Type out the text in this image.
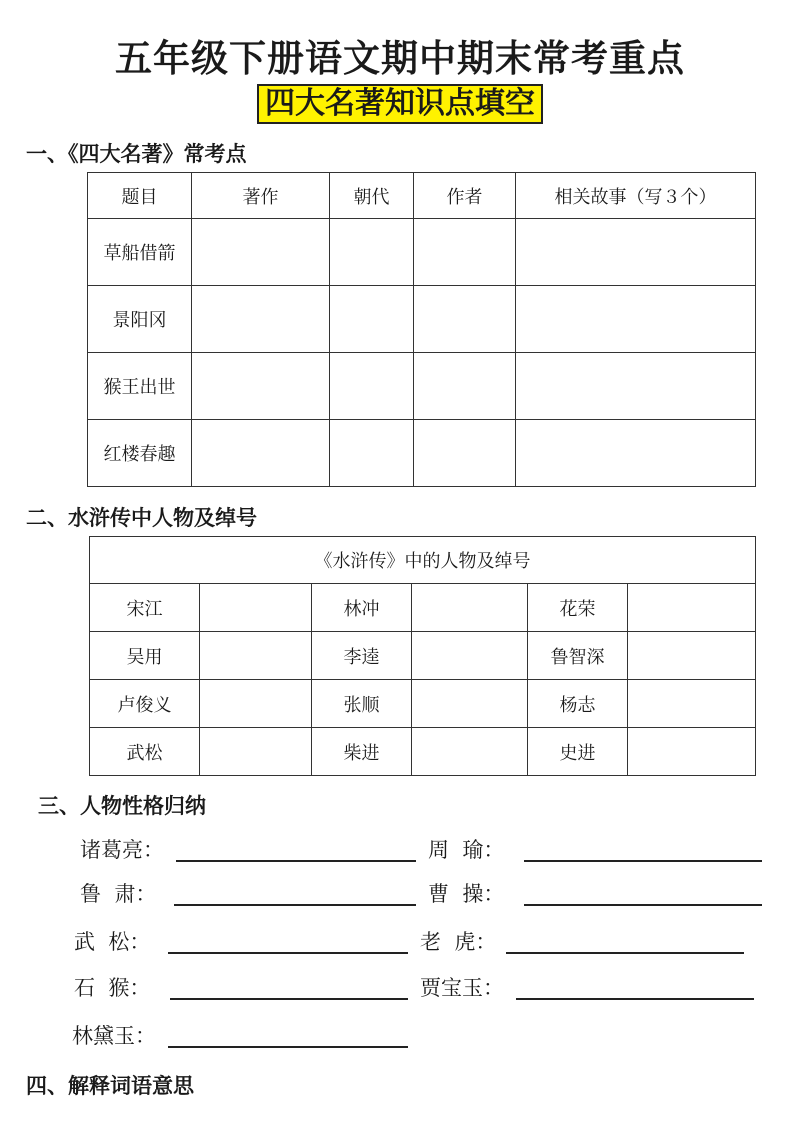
五年级下册语文期中期末常考重点
四大名著知识点填空
一、《四大名著》常考点
题目	著作	朝代	作者	相关故事（写３个）
草船借箭				
景阳冈				
猴王出世				
红楼春趣				
二、水浒传中人物及绰号
《水浒传》中的人物及绰号					
宋江		林冲		花荣	
吴用		李逵		鲁智深	
卢俊义		张顺		杨志	
武松		柴进		史进	
三、人物性格归纳
诸葛亮：	周  瑜：
鲁  肃：	曹  操：
武  松：	老  虎：
石  猴：	贾宝玉：
林黛玉：
四、解释词语意思
